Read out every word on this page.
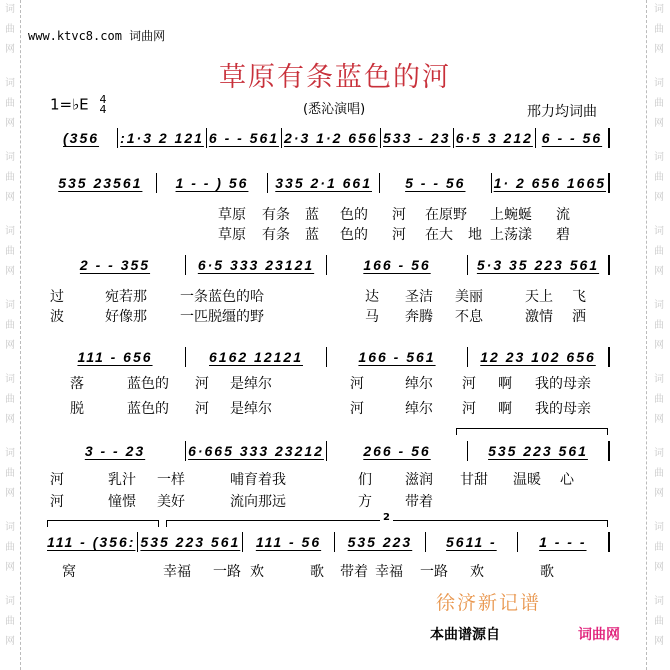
词
曲
网
词
曲
网
词
曲
网
词
曲
网
词
曲
网
词
曲
网
词
曲
网
词
曲
网
词
曲
网
词
曲
网
词
曲
网
词
曲
网
词
曲
网
词
曲
网
词
曲
网
词
曲
网
词
曲
网
词
曲
网
www.ktvc8.com 词曲网
草原有条蓝色的河
1=♭E 4
4	(悉沁演唱)	邢力均词曲
(356	:1·3 2 121 6 - - 561 2·3 1·2 656 533 - 23 6·5 3 212 6 - - 56
535 23561	1 - - ) 56	335 2·1 661	5 - - 56	1· 2 656 1665
2 - - 355	6·5 333 23121	166 - 56	5·3 35 223 561
111 - 656	6162 12121	166 - 561	12 23 102 656
3 - - 23	6·665 333 23212	266 - 56	535 223 561
111 - (356: 535 223 561	111 - 56	535 223	5611 -	1 - - -
草原 有条 蓝 色的 河 在原野 上蜿蜒 流
草原 有条 蓝 色的 河 在大 地 上荡漾 碧
过	宛若那 一条蓝色的哈	达 圣洁 美丽	天上 飞
波	好像那 一匹脱缰的野	马 奔腾 不息	激情 洒
落	蓝色的 河 是绰尔	河	绰尔 河 啊 我的母亲
脱	蓝色的 河 是绰尔	河	绰尔 河 啊 我的母亲
河	乳汁 一样	哺育着我	们 滋润 甘甜 温暖 心
河	憧憬 美好	流向那远	方 带着
窝	幸福 一路 欢	歌 带着 幸福 一路 欢	歌
2
徐济新记谱
本曲谱源自	词曲网
